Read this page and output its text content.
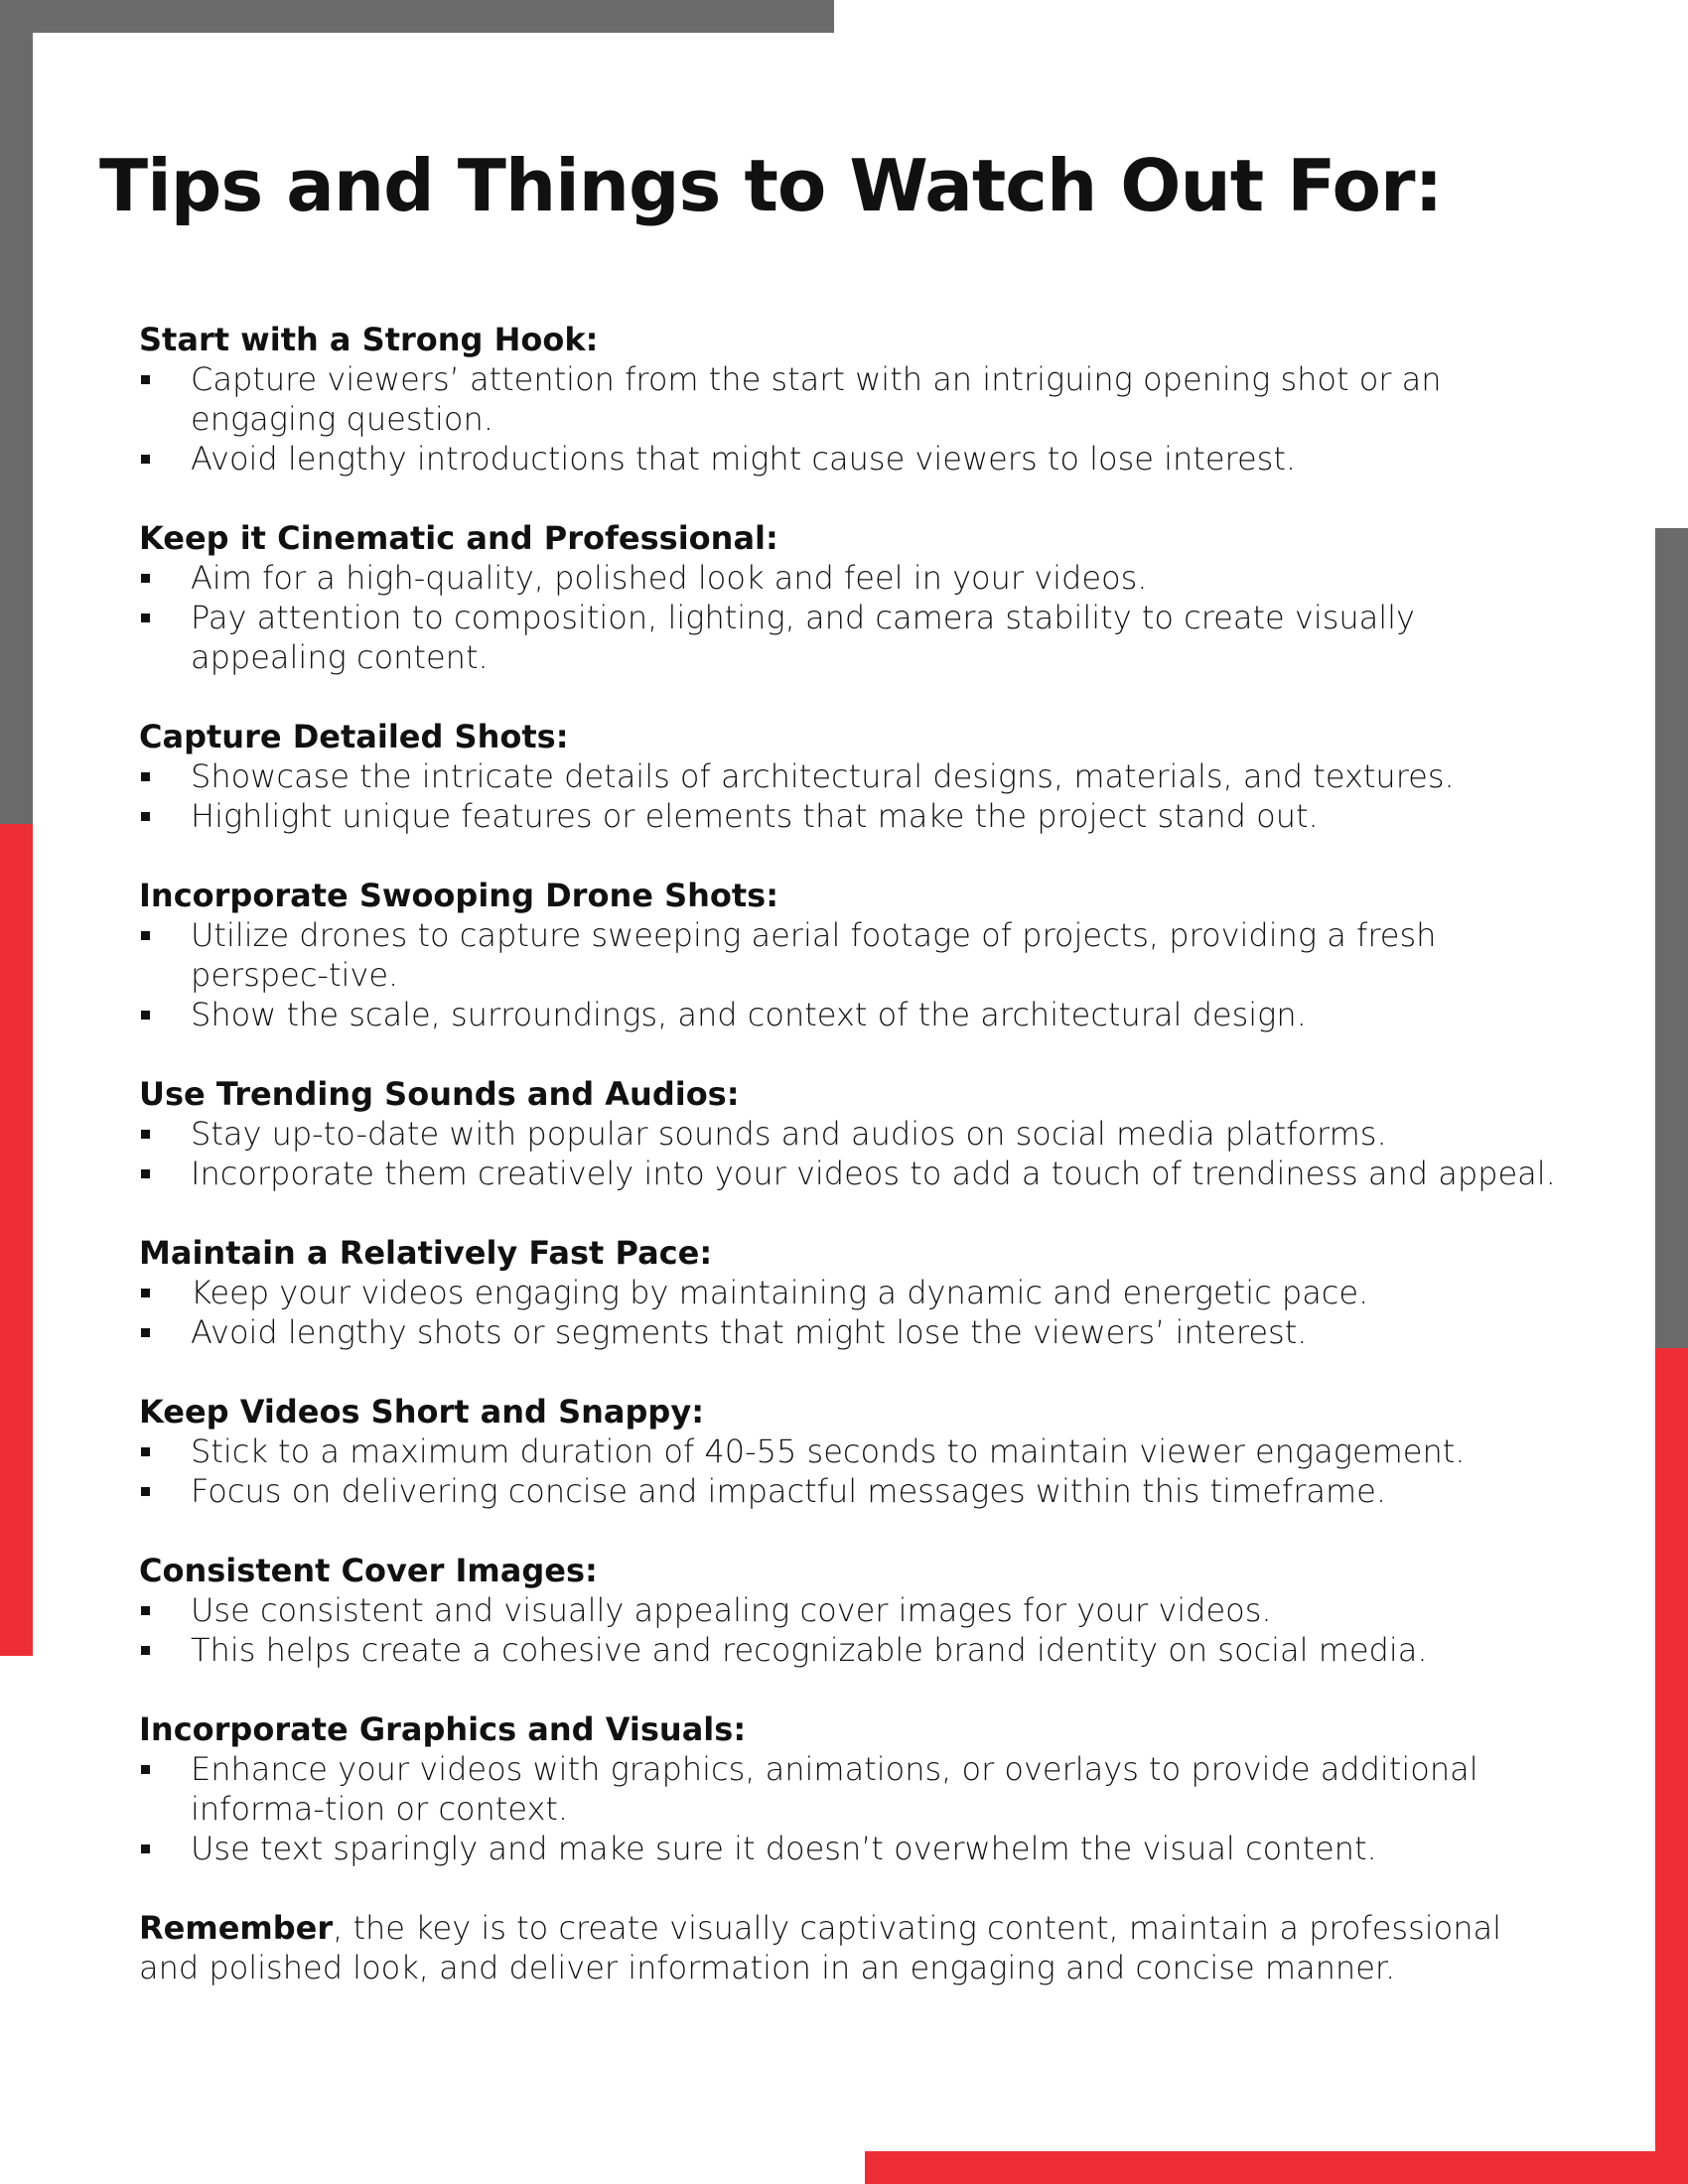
Tips and Things to Watch Out For:
Start with a Strong Hook:
Capture viewers’ attention from the start with an intriguing opening shot or an engaging question.
Avoid lengthy introductions that might cause viewers to lose interest.
Keep it Cinematic and Professional:
Aim for a high-quality, polished look and feel in your videos.
Pay attention to composition, lighting, and camera stability to create visually appealing content.
Capture Detailed Shots:
Showcase the intricate details of architectural designs, materials, and textures.
Highlight unique features or elements that make the project stand out.
Incorporate Swooping Drone Shots:
Utilize drones to capture sweeping aerial footage of projects, providing a fresh perspec-tive.
Show the scale, surroundings, and context of the architectural design.
Use Trending Sounds and Audios:
Stay up-to-date with popular sounds and audios on social media platforms.
Incorporate them creatively into your videos to add a touch of trendiness and appeal.
Maintain a Relatively Fast Pace:
Keep your videos engaging by maintaining a dynamic and energetic pace.
Avoid lengthy shots or segments that might lose the viewers’ interest.
Keep Videos Short and Snappy:
Stick to a maximum duration of 40-55 seconds to maintain viewer engagement.
Focus on delivering concise and impactful messages within this timeframe.
Consistent Cover Images:
Use consistent and visually appealing cover images for your videos.
This helps create a cohesive and recognizable brand identity on social media.
Incorporate Graphics and Visuals:
Enhance your videos with graphics, animations, or overlays to provide additional informa-tion or context.
Use text sparingly and make sure it doesn’t overwhelm the visual content.

Remember, the key is to create visually captivating content, maintain a professional and polished look, and deliver information in an engaging and concise manner.
